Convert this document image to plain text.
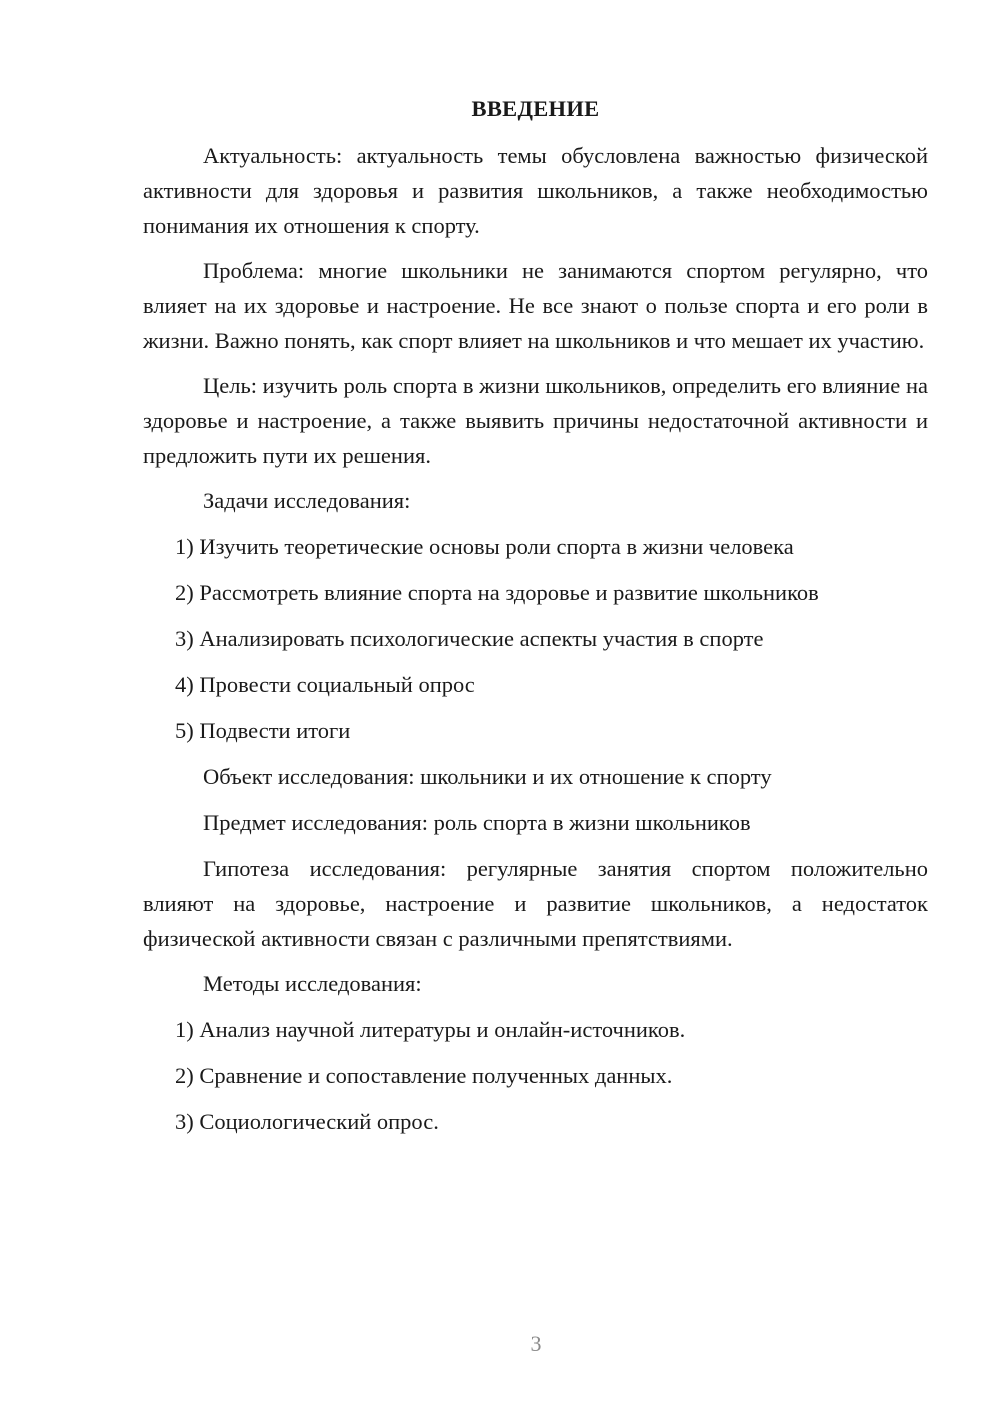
ВВЕДЕНИЕ

Актуальность: актуальность темы обусловлена важностью физической активности для здоровья и развития школьников, а также необходимостью понимания их отношения к спорту.

Проблема: многие школьники не занимаются спортом регулярно, что влияет на их здоровье и настроение. Не все знают о пользе спорта и его роли в жизни. Важно понять, как спорт влияет на школьников и что мешает их участию.

Цель: изучить роль спорта в жизни школьников, определить его влияние на здоровье и настроение, а также выявить причины недостаточной активности и предложить пути их решения.

Задачи исследования:
1) Изучить теоретические основы роли спорта в жизни человека
2) Рассмотреть влияние спорта на здоровье и развитие школьников
3) Анализировать психологические аспекты участия в спорте
4) Провести социальный опрос
5) Подвести итоги
Объект исследования: школьники и их отношение к спорту
Предмет исследования: роль спорта в жизни школьников

Гипотеза исследования: регулярные занятия спортом положительно влияют на здоровье, настроение и развитие школьников, а недостаток физической активности связан с различными препятствиями.

Методы исследования:
1) Анализ научной литературы и онлайн-источников.
2) Сравнение и сопоставление полученных данных.
3) Социологический опрос.
3
